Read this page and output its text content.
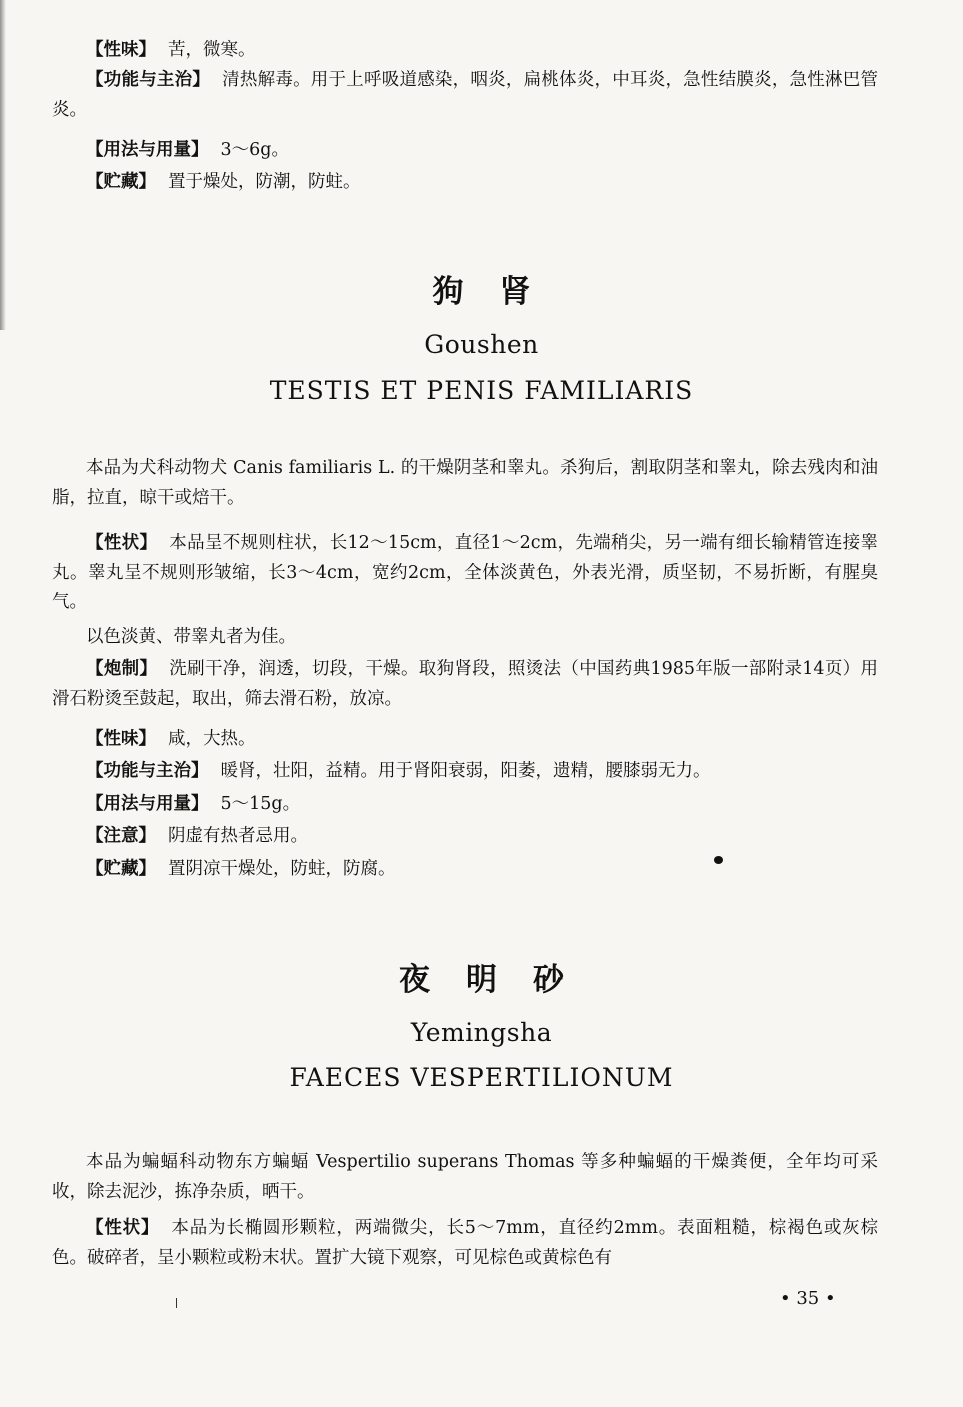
【性味】 苦，微寒。

【功能与主治】 清热解毒。用于上呼吸道感染，咽炎，扁桃体炎，中耳炎，急性结膜炎，急性淋巴管炎。

【用法与用量】 3～6g。

【贮藏】 置于燥处，防潮，防蛀。

狗肾
Goushen
TESTIS ET PENIS FAMILIARIS

本品为犬科动物犬 Canis familiaris L. 的干燥阴茎和睾丸。杀狗后，割取阴茎和睾丸，除去残肉和油脂，拉直，晾干或焙干。

【性状】 本品呈不规则柱状，长12～15cm，直径1～2cm，先端稍尖，另一端有细长输精管连接睾丸。睾丸呈不规则形皱缩，长3～4cm，宽约2cm，全体淡黄色，外表光滑，质坚韧，不易折断，有腥臭气。

以色淡黄、带睾丸者为佳。

【炮制】 洗刷干净，润透，切段，干燥。取狗肾段，照烫法（中国药典1985年版一部附录14页）用滑石粉烫至鼓起，取出，筛去滑石粉，放凉。

【性味】 咸，大热。

【功能与主治】 暖肾，壮阳，益精。用于肾阳衰弱，阳萎，遗精，腰膝弱无力。

【用法与用量】 5～15g。

【注意】 阴虚有热者忌用。

【贮藏】 置阴凉干燥处，防蛀，防腐。

夜明砂
Yemingsha
FAECES VESPERTILIONUM

本品为蝙蝠科动物东方蝙蝠 Vespertilio superans Thomas 等多种蝙蝠的干燥粪便，全年均可采收，除去泥沙，拣净杂质，晒干。

【性状】 本品为长椭圆形颗粒，两端微尖，长5～7mm，直径约2mm。表面粗糙，棕褐色或灰棕色。破碎者，呈小颗粒或粉末状。置扩大镜下观察，可见棕色或黄棕色有

• 35 •
